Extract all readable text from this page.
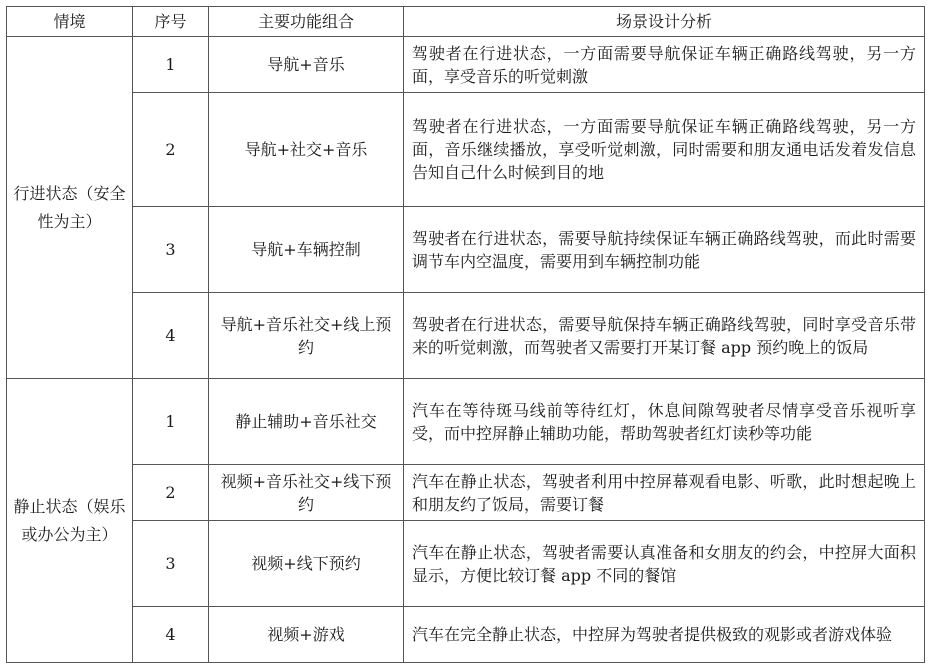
情境	序号	主要功能组合	场景设计分析
行进状态（安全性为主）	1	导航+音乐	驾驶者在行进状态，一方面需要导航保证车辆正确路线驾驶，另一方面，享受音乐的听觉刺激
	2	导航+社交+音乐	驾驶者在行进状态，一方面需要导航保证车辆正确路线驾驶，另一方面，音乐继续播放，享受听觉刺激，同时需要和朋友通电话发着发信息告知自己什么时候到目的地
	3	导航+车辆控制	驾驶者在行进状态，需要导航持续保证车辆正确路线驾驶，而此时需要调节车内空温度，需要用到车辆控制功能
	4	导航+音乐社交+线上预约	驾驶者在行进状态，需要导航保持车辆正确路线驾驶，同时享受音乐带来的听觉刺激，而驾驶者又需要打开某订餐 app 预约晚上的饭局
静止状态（娱乐或办公为主）	1	静止辅助+音乐社交	汽车在等待斑马线前等待红灯，休息间隙驾驶者尽情享受音乐视听享受，而中控屏静止辅助功能，帮助驾驶者红灯读秒等功能
	2	视频+音乐社交+线下预约	汽车在静止状态，驾驶者利用中控屏幕观看电影、听歌，此时想起晚上和朋友约了饭局，需要订餐
	3	视频+线下预约	汽车在静止状态，驾驶者需要认真准备和女朋友的约会，中控屏大面积显示，方便比较订餐 app 不同的餐馆
	4	视频+游戏	汽车在完全静止状态，中控屏为驾驶者提供极致的观影或者游戏体验
